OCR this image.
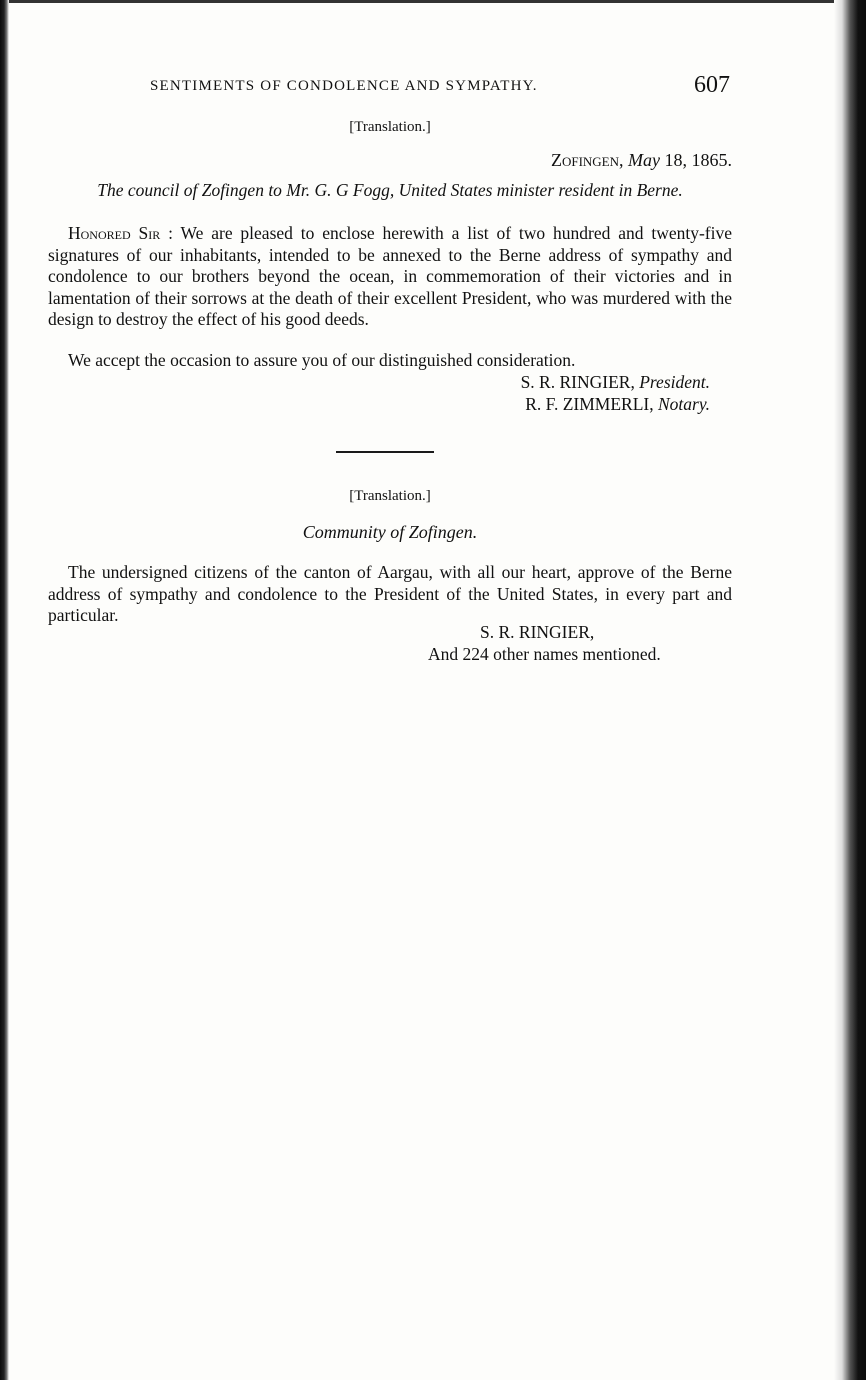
SENTIMENTS OF CONDOLENCE AND SYMPATHY.	607
[Translation.]
Zofingen, May 18, 1865.
The council of Zofingen to Mr. G. G Fogg, United States minister resident in Berne.
Honored Sir : We are pleased to enclose herewith a list of two hundred and twenty-five signatures of our inhabitants, intended to be annexed to the Berne address of sympathy and condolence to our brothers beyond the ocean, in commemoration of their victories and in lamentation of their sorrows at the death of their excellent President, who was murdered with the design to destroy the effect of his good deeds.
We accept the occasion to assure you of our distinguished consideration.
S. R. RINGIER, President.
R. F. ZIMMERLI, Notary.
[Translation.]
Community of Zofingen.
The undersigned citizens of the canton of Aargau, with all our heart, approve of the Berne address of sympathy and condolence to the President of the United States, in every part and particular.
S. R. RINGIER,
And 224 other names mentioned.
